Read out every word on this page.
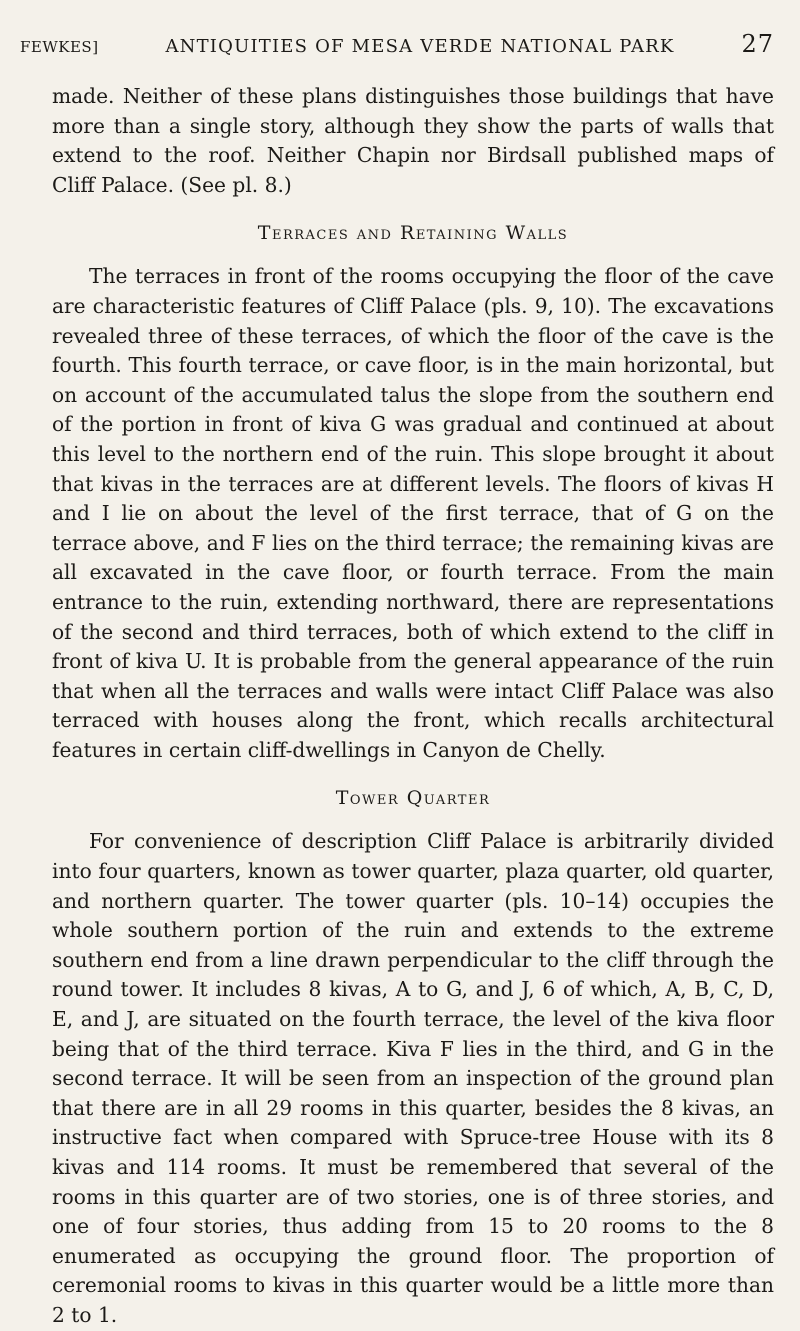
FEWKES]	ANTIQUITIES OF MESA VERDE NATIONAL PARK	27

made. Neither of these plans distinguishes those buildings that have more than a single story, although they show the parts of walls that extend to the roof. Neither Chapin nor Birdsall published maps of Cliff Palace. (See pl. 8.)

Terraces and Retaining Walls

The terraces in front of the rooms occupying the floor of the cave are characteristic features of Cliff Palace (pls. 9, 10). The excavations revealed three of these terraces, of which the floor of the cave is the fourth. This fourth terrace, or cave floor, is in the main horizontal, but on account of the accumulated talus the slope from the southern end of the portion in front of kiva G was gradual and continued at about this level to the northern end of the ruin. This slope brought it about that kivas in the terraces are at different levels. The floors of kivas H and I lie on about the level of the first terrace, that of G on the terrace above, and F lies on the third terrace; the remaining kivas are all excavated in the cave floor, or fourth terrace. From the main entrance to the ruin, extending northward, there are representations of the second and third terraces, both of which extend to the cliff in front of kiva U. It is probable from the general appearance of the ruin that when all the terraces and walls were intact Cliff Palace was also terraced with houses along the front, which recalls architectural features in certain cliff-dwellings in Canyon de Chelly.

Tower Quarter

For convenience of description Cliff Palace is arbitrarily divided into four quarters, known as tower quarter, plaza quarter, old quarter, and northern quarter. The tower quarter (pls. 10–14) occupies the whole southern portion of the ruin and extends to the extreme southern end from a line drawn perpendicular to the cliff through the round tower. It includes 8 kivas, A to G, and J, 6 of which, A, B, C, D, E, and J, are situated on the fourth terrace, the level of the kiva floor being that of the third terrace. Kiva F lies in the third, and G in the second terrace. It will be seen from an inspection of the ground plan that there are in all 29 rooms in this quarter, besides the 8 kivas, an instructive fact when compared with Spruce-tree House with its 8 kivas and 114 rooms. It must be remembered that several of the rooms in this quarter are of two stories, one is of three stories, and one of four stories, thus adding from 15 to 20 rooms to the 8 enumerated as occupying the ground floor. The proportion of ceremonial rooms to kivas in this quarter would be a little more than 2 to 1.
